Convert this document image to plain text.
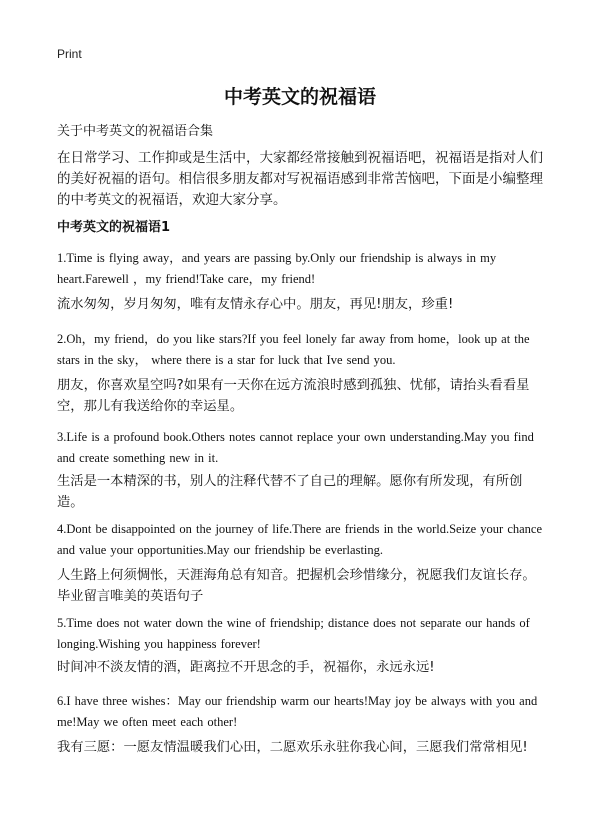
Print
中考英文的祝福语
关于中考英文的祝福语合集
在日常学习、工作抑或是生活中，大家都经常接触到祝福语吧，祝福语是指对人们的美好祝福的语句。相信很多朋友都对写祝福语感到非常苦恼吧，下面是小编整理的中考英文的祝福语，欢迎大家分享。
中考英文的祝福语1
1.Time is flying away，and years are passing by.Only our friendship is always in my heart.Farewell ，my friend!Take care，my friend!
流水匆匆，岁月匆匆，唯有友情永存心中。朋友，再见!朋友，珍重!
2.Oh，my friend，do you like stars?If you feel lonely far away from home，look up at the stars in the sky， where there is a star for luck that Ive send you.
朋友，你喜欢星空吗?如果有一天你在远方流浪时感到孤独、忧郁，请抬头看看星空，那儿有我送给你的幸运星。
3.Life is a profound book.Others notes cannot replace your own understanding.May you find and create something new in it.
生活是一本精深的书，别人的注释代替不了自己的理解。愿你有所发现，有所创造。
4.Dont be disappointed on the journey of life.There are friends in the world.Seize your chance and value your opportunities.May our friendship be everlasting.
人生路上何须惆怅，天涯海角总有知音。把握机会珍惜缘分，祝愿我们友谊长存。毕业留言唯美的英语句子
5.Time does not water down the wine of friendship; distance does not separate our hands of longing.Wishing you happiness forever!
时间冲不淡友情的酒，距离拉不开思念的手，祝福你，永远永远!
6.I have three wishes：May our friendship warm our hearts!May joy be always with you and me!May we often meet each other!
我有三愿：一愿友情温暖我们心田，二愿欢乐永驻你我心间，三愿我们常常相见!
